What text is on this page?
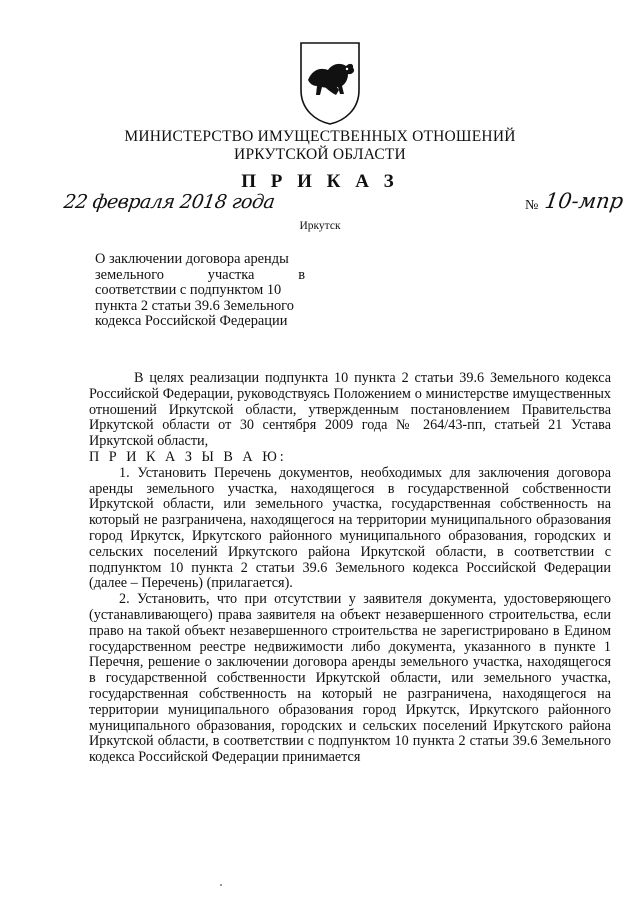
МИНИСТЕРСТВО ИМУЩЕСТВЕННЫХ ОТНОШЕНИЙ
ИРКУТСКОЙ ОБЛАСТИ
П Р И К А З
22 февраля 2018 года	№ 10-мпр
Иркутск
О заключении договора аренды
земельного участка в
соответствии с подпунктом 10
пункта 2 статьи 39.6 Земельного
кодекса Российской Федерации

В целях реализации подпункта 10 пункта 2 статьи 39.6 Земельного кодекса Российской Федерации, руководствуясь Положением о министерстве имущественных отношений Иркутской области, утвержденным постановлением Правительства Иркутской области от 30 сентября 2009 года № 264/43-пп, статьей 21 Устава Иркутской области,

П Р И К А З Ы В А Ю:

1. Установить Перечень документов, необходимых для заключения договора аренды земельного участка, находящегося в государственной собственности Иркутской области, или земельного участка, государственная собственность на который не разграничена, находящегося на территории муниципального образования город Иркутск, Иркутского районного муниципального образования, городских и сельских поселений Иркутского района Иркутской области, в соответствии с подпунктом 10 пункта 2 статьи 39.6 Земельного кодекса Российской Федерации (далее – Перечень) (прилагается).

2. Установить, что при отсутствии у заявителя документа, удостоверяющего (устанавливающего) права заявителя на объект незавершенного строительства, если право на такой объект незавершенного строительства не зарегистрировано в Едином государственном реестре недвижимости либо документа, указанного в пункте 1 Перечня, решение о заключении договора аренды земельного участка, находящегося в государственной собственности Иркутской области, или земельного участка, государственная собственность на который не разграничена, находящегося на территории муниципального образования город Иркутск, Иркутского районного муниципального образования, городских и сельских поселений Иркутского района Иркутской области, в соответствии с подпунктом 10 пункта 2 статьи 39.6 Земельного кодекса Российской Федерации принимается
